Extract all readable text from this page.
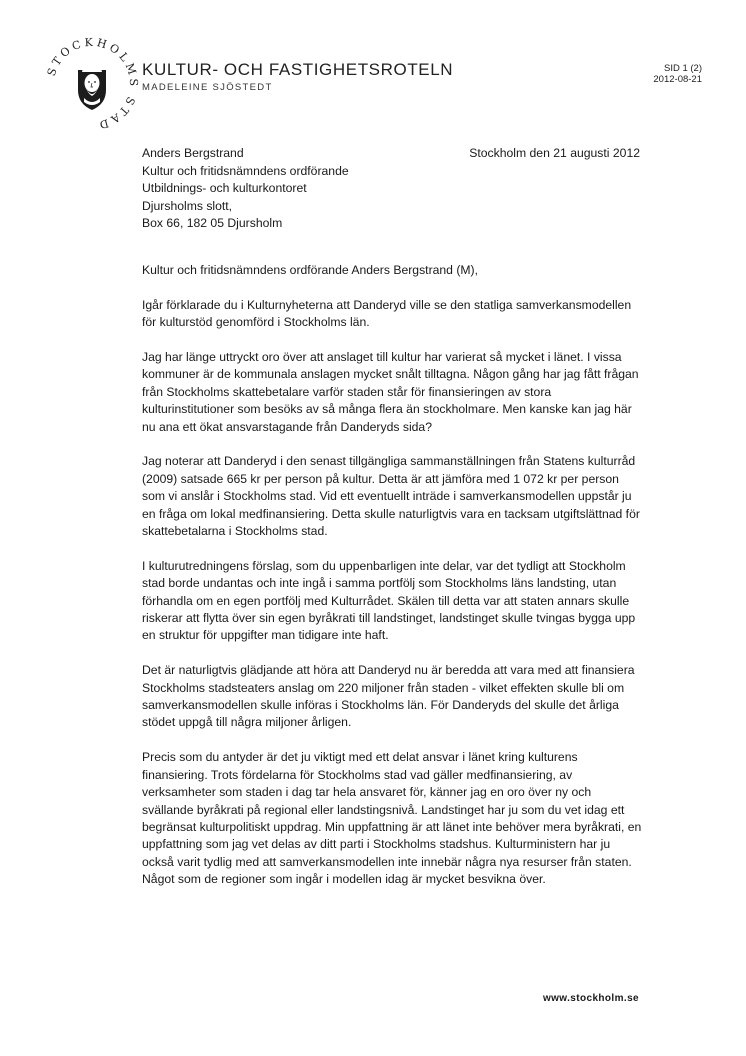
STOCKHOLMS STAD
KULTUR- OCH FASTIGHETSROTELN
MADELEINE SJÖSTEDT
SID 1 (2)
2012-08-21
Anders Bergstrand
Kultur och fritidsnämndens ordförande
Utbildnings- och kulturkontoret
Djursholms slott,
Box 66, 182 05 Djursholm
Stockholm den 21 augusti 2012

Kultur och fritidsnämndens ordförande Anders Bergstrand (M),

Igår förklarade du i Kulturnyheterna att Danderyd ville se den statliga samverkansmodellen för kulturstöd genomförd i Stockholms län.

Jag har länge uttryckt oro över att anslaget till kultur har varierat så mycket i länet. I vissa kommuner är de kommunala anslagen mycket snålt tilltagna. Någon gång har jag fått frågan från Stockholms skattebetalare varför staden står för finansieringen av stora kulturinstitutioner som besöks av så många flera än stockholmare. Men kanske kan jag här nu ana ett ökat ansvarstagande från Danderyds sida?

Jag noterar att Danderyd i den senast tillgängliga sammanställningen från Statens kulturråd (2009) satsade 665 kr per person på kultur. Detta är att jämföra med 1 072 kr per person som vi anslår i Stockholms stad. Vid ett eventuellt inträde i samverkansmodellen uppstår ju en fråga om lokal medfinansiering. Detta skulle naturligtvis vara en tacksam utgiftslättnad för skattebetalarna i Stockholms stad.

I kulturutredningens förslag, som du uppenbarligen inte delar, var det tydligt att Stockholm stad borde undantas och inte ingå i samma portfölj som Stockholms läns landsting, utan förhandla om en egen portfölj med Kulturrådet. Skälen till detta var att staten annars skulle riskerar att flytta över sin egen byråkrati till landstinget, landstinget skulle tvingas bygga upp en struktur för uppgifter man tidigare inte haft.

Det är naturligtvis glädjande att höra att Danderyd nu är beredda att vara med att finansiera Stockholms stadsteaters anslag om 220 miljoner från staden - vilket effekten skulle bli om samverkansmodellen skulle införas i Stockholms län. För Danderyds del skulle det årliga stödet uppgå till några miljoner årligen.

Precis som du antyder är det ju viktigt med ett delat ansvar i länet kring kulturens finansiering. Trots fördelarna för Stockholms stad vad gäller medfinansiering, av verksamheter som staden i dag tar hela ansvaret för, känner jag en oro över ny och svällande byråkrati på regional eller landstingsnivå. Landstinget har ju som du vet idag ett begränsat kulturpolitiskt uppdrag. Min uppfattning är att länet inte behöver mera byråkrati, en uppfattning som jag vet delas av ditt parti i Stockholms stadshus. Kulturministern har ju också varit tydlig med att samverkansmodellen inte innebär några nya resurser från staten. Något som de regioner som ingår i modellen idag är mycket besvikna över.

www.stockholm.se
